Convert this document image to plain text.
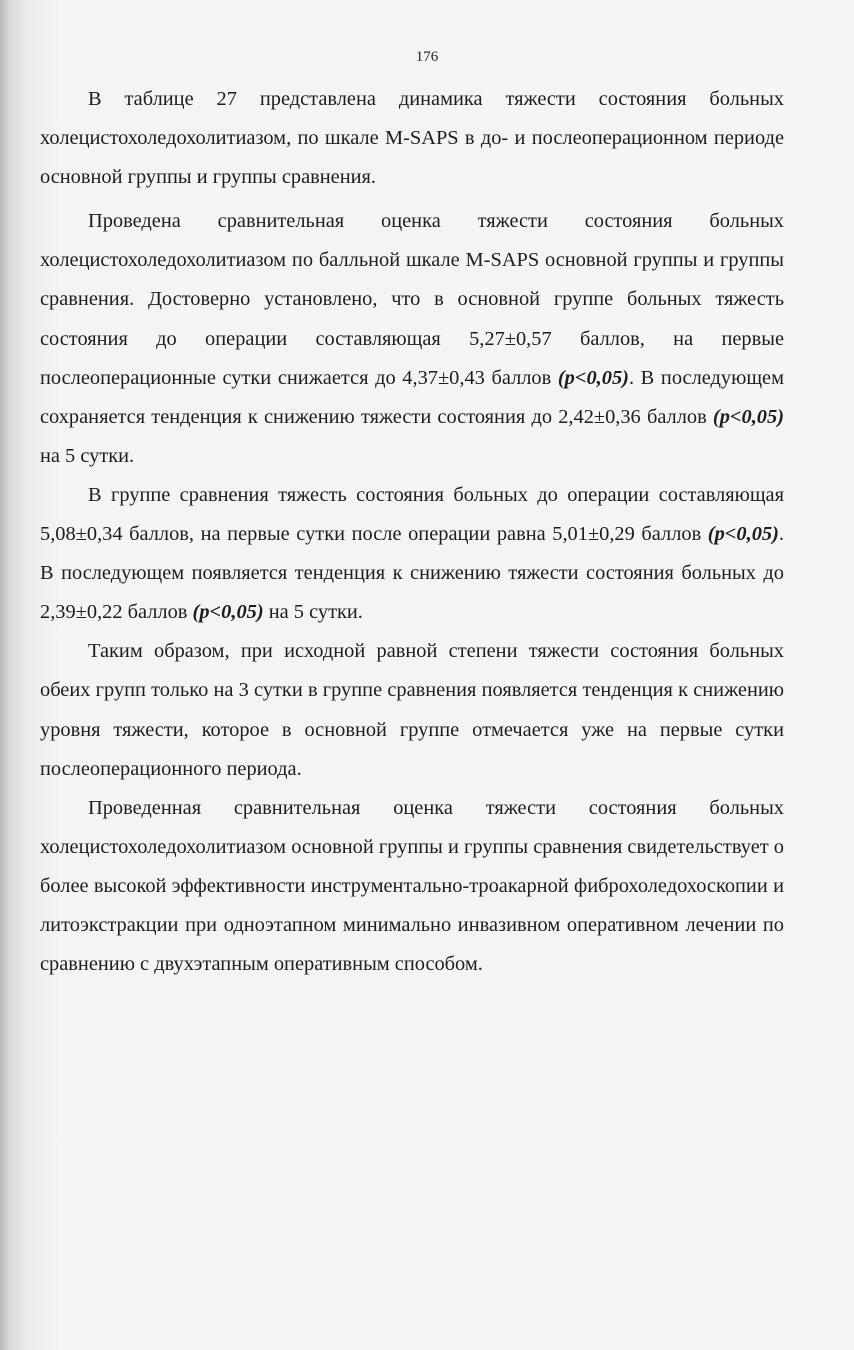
176

В таблице 27 представлена динамика тяжести состояния больных холецистохоледохолитиазом, по шкале M-SAPS в до- и послеоперационном периоде основной группы и группы сравнения.

Проведена сравнительная оценка тяжести состояния больных холецистохоледохолитиазом по балльной шкале M-SAPS основной группы и группы сравнения. Достоверно установлено, что в основной группе больных тяжесть состояния до операции составляющая 5,27±0,57 баллов, на первые послеоперационные сутки снижается до 4,37±0,43 баллов (p<0,05). В последующем сохраняется тенденция к снижению тяжести состояния до 2,42±0,36 баллов (p<0,05) на 5 сутки.

В группе сравнения тяжесть состояния больных до операции составляющая 5,08±0,34 баллов, на первые сутки после операции равна 5,01±0,29 баллов (p<0,05). В последующем появляется тенденция к снижению тяжести состояния больных до 2,39±0,22 баллов (p<0,05) на 5 сутки.

Таким образом, при исходной равной степени тяжести состояния больных обеих групп только на 3 сутки в группе сравнения появляется тенденция к снижению уровня тяжести, которое в основной группе отмечается уже на первые сутки послеоперационного периода.

Проведенная сравнительная оценка тяжести состояния больных холецистохоледохолитиазом основной группы и группы сравнения свидетельствует о более высокой эффективности инструментально-троакарной фиброхоледохоскопии и литоэкстракции при одноэтапном минимально инвазивном оперативном лечении по сравнению с двухэтапным оперативным способом.
